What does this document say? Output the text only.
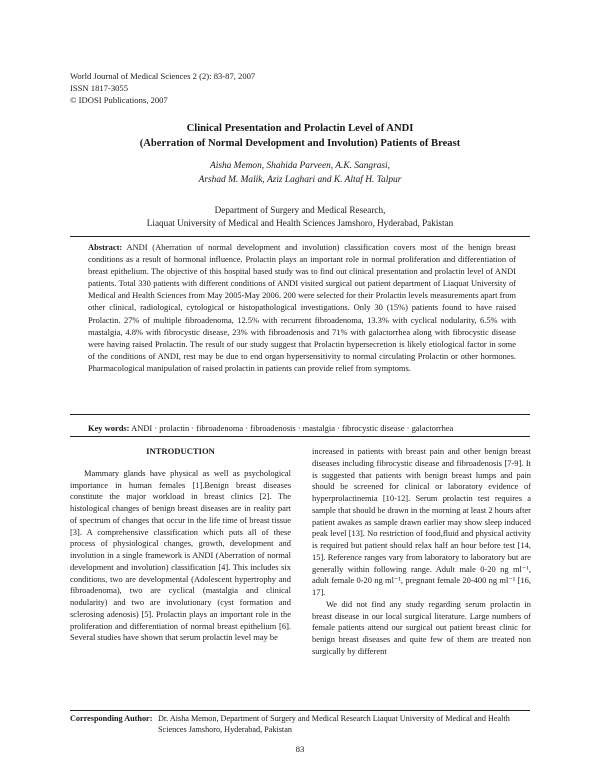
World Journal of Medical Sciences 2 (2): 83-87, 2007
ISSN 1817-3055
© IDOSI Publications, 2007
Clinical Presentation and Prolactin Level of ANDI
(Aberration of Normal Development and Involution) Patients of Breast
Aisha Memon, Shahida Parveen, A.K. Sangrasi,
Arshad M. Malik, Aziz Laghari and K. Altaf H. Talpur
Department of Surgery and Medical Research,
Liaquat University of Medical and Health Sciences Jamshoro, Hyderabad, Pakistan
Abstract: ANDI (Aberration of normal development and involution) classification covers most of the benign breast conditions as a result of hormonal influence. Prolactin plays an important role in normal proliferation and differentiation of breast epithelium. The objective of this hospital based study was to find out clinical presentation and prolactin level of ANDI patients. Total 330 patients with different conditions of ANDI visited surgical out patient department of Liaquat University of Medical and Health Sciences from May 2005-May 2006. 200 were selected for their Prolactin levels measurements apart from other clinical, radiological, cytological or histopathological investigations. Only 30 (15%) patients found to have raised Prolactin. 27% of multiple fibroadenoma, 12.5% with recurrent fibroadenoma, 13.3% with cyclical nodularity, 6.5% with mastalgia, 4.8% with fibrocystic disease, 23% with fibroadenosis and 71% with galactorrhea along with fibrocystic disease were having raised Prolactin. The result of our study suggest that Prolactin hypersecretion is likely etiological factor in some of the conditions of ANDI, rest may be due to end organ hypersensitivity to normal circulating Prolactin or other hormones. Pharmacological manipulation of raised prolactin in patients can provide relief from symptoms.
Key words: ANDI · prolactin · fibroadenoma · fibroadenosis · mastalgia · fibrocystic disease · galactorrhea
INTRODUCTION

Mammary glands have physical as well as psychological importance in human females [1].Benign breast diseases constitute the major workload in breast clinics [2]. The histological changes of benign breast diseases are in reality part of spectrum of changes that occur in the life time of breast tissue [3]. A comprehensive classification which puts all of these process of physiological changes, growth, development and involution in a single framework is ANDI (Aberration of normal development and involution) classification [4]. This includes six conditions, two are developmental (Adolescent hypertrophy and fibroadenoma), two are cyclical (mastalgia and clinical nodularity) and two are involutionary (cyst formation and sclerosing adenosis) [5]. Prolactin plays an important role in the proliferation and differentiation of normal breast epithelium [6]. Several studies have shown that serum prolactin level may be

increased in patients with breast pain and other benign breast diseases including fibrocystic disease and fibroadenosis [7-9]. It is suggested that patients with benign breast lumps and pain should be screened for clinical or laboratory evidence of hyperprolactinemia [10-12]. Serum prolactin test requires a sample that should be drawn in the morning at least 2 hours after patient awakes as sample drawn earlier may show sleep induced peak level [13]. No restriction of food,fluid and physical activity is required but patient should relax half an hour before test [14, 15]. Reference ranges vary from laboratory to laboratory but are generally within following range. Adult male 0-20 ng ml⁻¹, adult female 0-20 ng ml⁻¹, pregnant female 20-400 ng ml⁻¹ [16, 17].

We did not find any study regarding serum prolactin in breast disease in our local surgical literature. Large numbers of female patients attend our surgical out patient breast clinic for benign breast diseases and quite few of them are treated non surgically by different

Corresponding Author: Dr. Aisha Memon, Department of Surgery and Medical Research Liaquat University of Medical and Health Sciences Jamshoro, Hyderabad, Pakistan
83
